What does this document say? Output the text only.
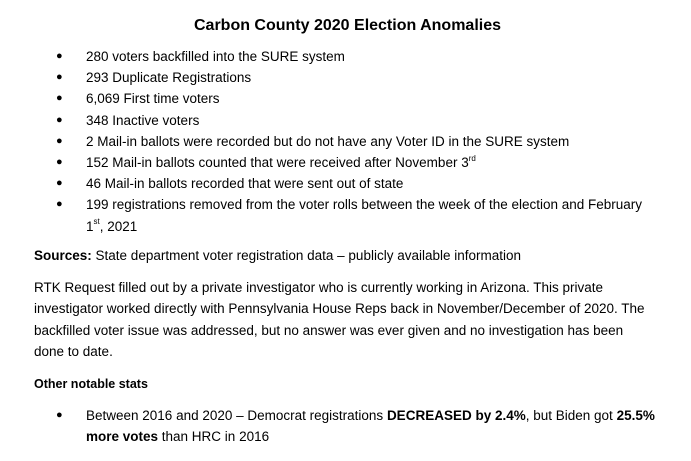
Carbon County 2020 Election Anomalies
● 280 voters backfilled into the SURE system
● 293 Duplicate Registrations
● 6,069 First time voters
● 348 Inactive voters
● 2 Mail-in ballots were recorded but do not have any Voter ID in the SURE system
● 152 Mail-in ballots counted that were received after November 3rd
● 46 Mail-in ballots recorded that were sent out of state
● 199 registrations removed from the voter rolls between the week of the election and February 1st, 2021
Sources: State department voter registration data – publicly available information
RTK Request filled out by a private investigator who is currently working in Arizona. This private investigator worked directly with Pennsylvania House Reps back in November/December of 2020. The backfilled voter issue was addressed, but no answer was ever given and no investigation has been done to date.
Other notable stats
● Between 2016 and 2020 – Democrat registrations DECREASED by 2.4%, but Biden got 25.5% more votes than HRC in 2016
